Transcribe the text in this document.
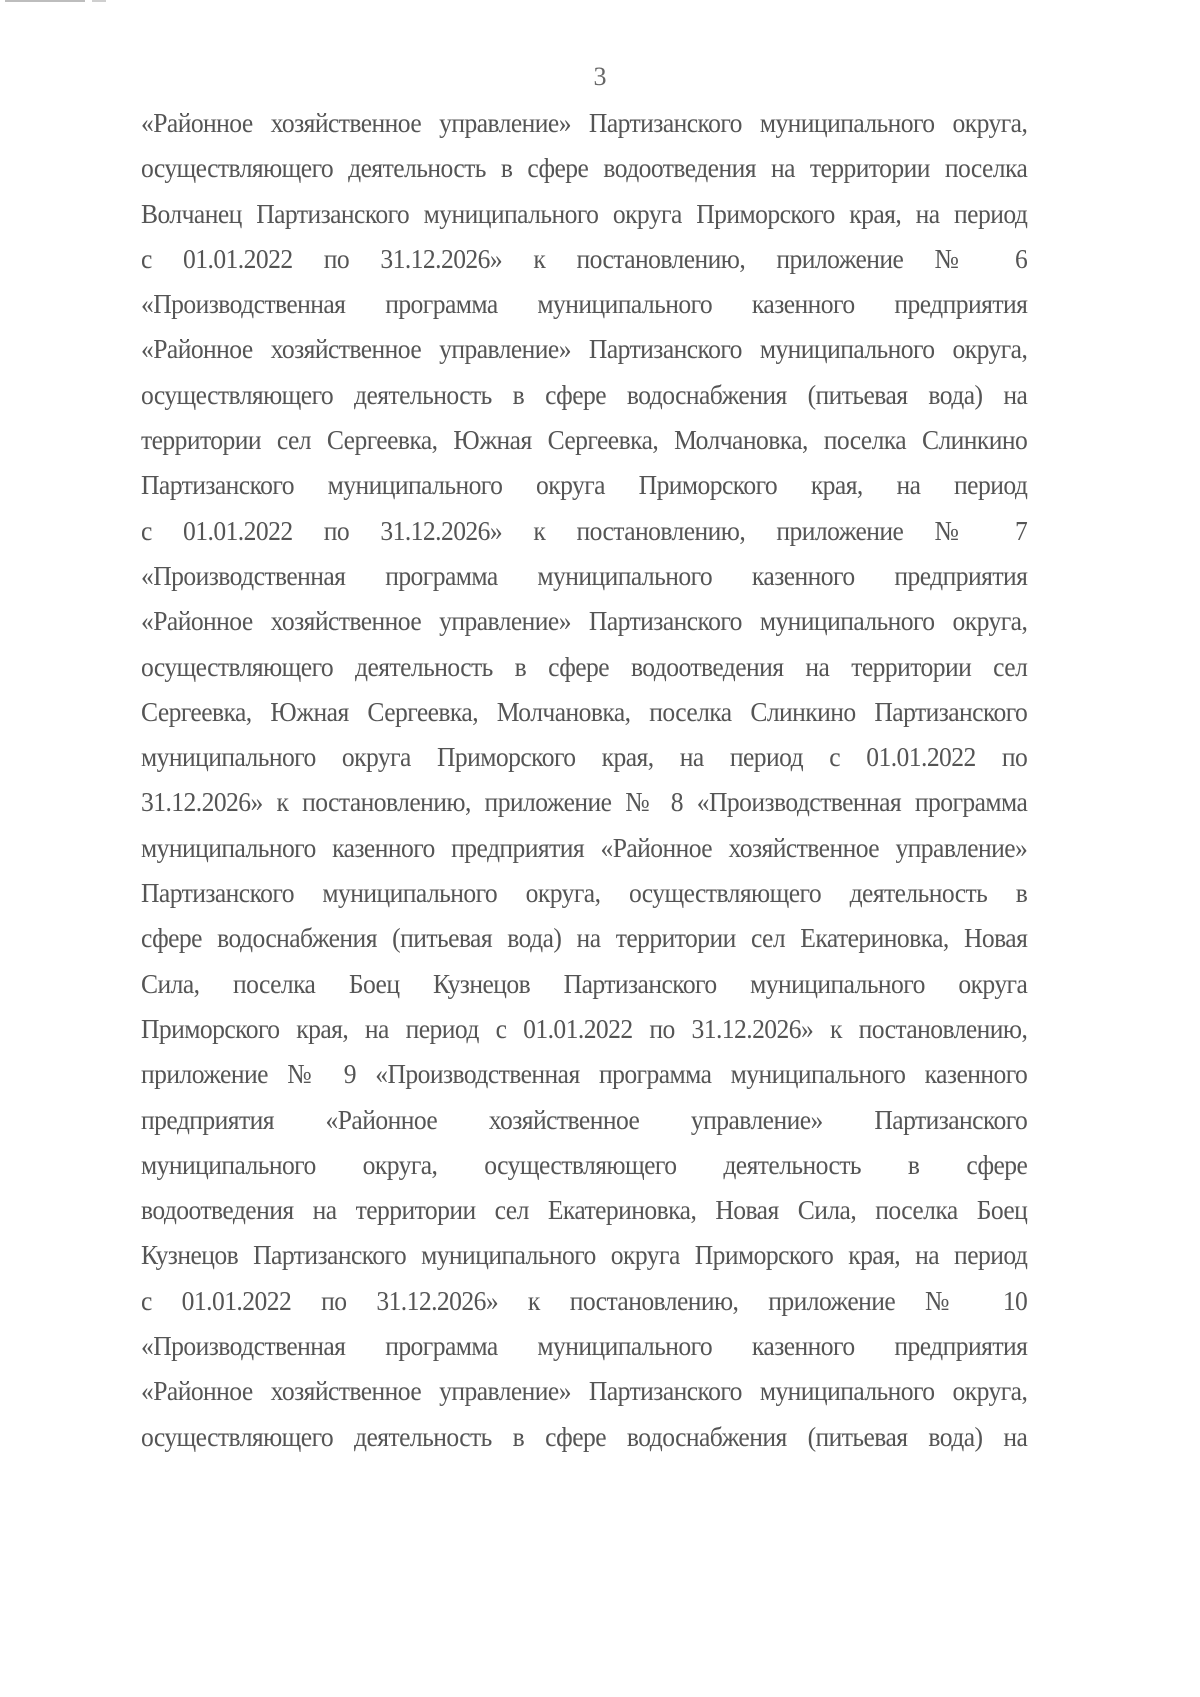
3
«Районное хозяйственное управление» Партизанского муниципального округа,
осуществляющего деятельность в сфере водоотведения на территории поселка
Волчанец Партизанского муниципального округа Приморского края, на период
с 01.01.2022 по 31.12.2026» к постановлению, приложение № 6
«Производственная программа муниципального казенного предприятия
«Районное хозяйственное управление» Партизанского муниципального округа,
осуществляющего деятельность в сфере водоснабжения (питьевая вода) на
территории сел Сергеевка, Южная Сергеевка, Молчановка, поселка Слинкино
Партизанского муниципального округа Приморского края, на период
с 01.01.2022 по 31.12.2026» к постановлению, приложение № 7
«Производственная программа муниципального казенного предприятия
«Районное хозяйственное управление» Партизанского муниципального округа,
осуществляющего деятельность в сфере водоотведения на территории сел
Сергеевка, Южная Сергеевка, Молчановка, поселка Слинкино Партизанского
муниципального округа Приморского края, на период с 01.01.2022 по
31.12.2026» к постановлению, приложение № 8 «Производственная программа
муниципального казенного предприятия «Районное хозяйственное управление»
Партизанского муниципального округа, осуществляющего деятельность в
сфере водоснабжения (питьевая вода) на территории сел Екатериновка, Новая
Сила, поселка Боец Кузнецов Партизанского муниципального округа
Приморского края, на период с 01.01.2022 по 31.12.2026» к постановлению,
приложение № 9 «Производственная программа муниципального казенного
предприятия «Районное хозяйственное управление» Партизанского
муниципального округа, осуществляющего деятельность в сфере
водоотведения на территории сел Екатериновка, Новая Сила, поселка Боец
Кузнецов Партизанского муниципального округа Приморского края, на период
с 01.01.2022 по 31.12.2026» к постановлению, приложение № 10
«Производственная программа муниципального казенного предприятия
«Районное хозяйственное управление» Партизанского муниципального округа,
осуществляющего деятельность в сфере водоснабжения (питьевая вода) на
